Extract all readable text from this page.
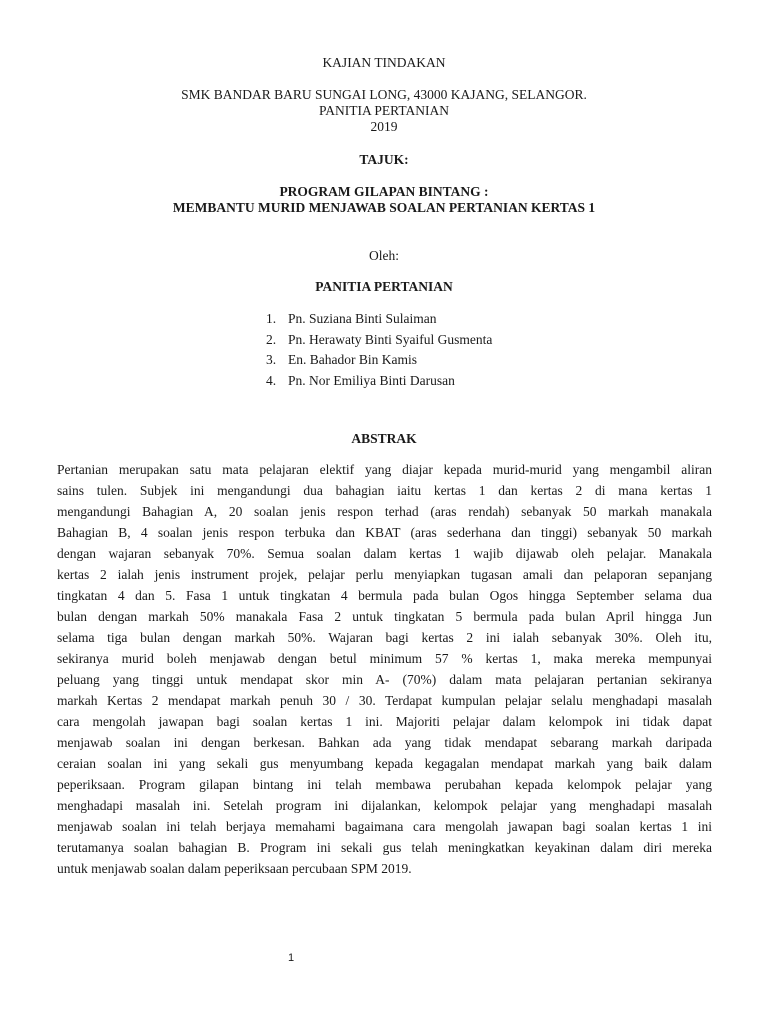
KAJIAN TINDAKAN
SMK BANDAR BARU SUNGAI LONG, 43000 KAJANG, SELANGOR.
PANITIA PERTANIAN
2019
TAJUK:
PROGRAM GILAPAN BINTANG :
MEMBANTU MURID MENJAWAB SOALAN PERTANIAN KERTAS 1
Oleh:
PANITIA PERTANIAN
1. Pn. Suziana Binti Sulaiman
2. Pn. Herawaty Binti Syaiful Gusmenta
3. En. Bahador Bin Kamis
4. Pn. Nor Emiliya Binti Darusan
ABSTRAK
Pertanian merupakan satu mata pelajaran elektif yang diajar kepada murid-murid yang mengambil aliran
sains tulen. Subjek ini mengandungi dua bahagian iaitu kertas 1 dan kertas 2 di mana kertas 1
mengandungi Bahagian A, 20 soalan jenis respon terhad (aras rendah) sebanyak 50 markah manakala
Bahagian B, 4 soalan jenis respon terbuka dan KBAT (aras sederhana dan tinggi) sebanyak 50 markah
dengan wajaran sebanyak 70%. Semua soalan dalam kertas 1 wajib dijawab oleh pelajar. Manakala
kertas 2 ialah jenis instrument projek, pelajar perlu menyiapkan tugasan amali dan pelaporan sepanjang
tingkatan 4 dan 5. Fasa 1 untuk tingkatan 4 bermula pada bulan Ogos hingga September selama dua
bulan dengan markah 50% manakala Fasa 2 untuk tingkatan 5 bermula pada bulan April hingga Jun
selama tiga bulan dengan markah 50%. Wajaran bagi kertas 2 ini ialah sebanyak 30%. Oleh itu,
sekiranya murid boleh menjawab dengan betul minimum 57 % kertas 1, maka mereka mempunyai
peluang yang tinggi untuk mendapat skor min A- (70%) dalam mata pelajaran pertanian sekiranya
markah Kertas 2 mendapat markah penuh 30 / 30. Terdapat kumpulan pelajar selalu menghadapi masalah
cara mengolah jawapan bagi soalan kertas 1 ini. Majoriti pelajar dalam kelompok ini tidak dapat
menjawab soalan ini dengan berkesan. Bahkan ada yang tidak mendapat sebarang markah daripada
ceraian soalan ini yang sekali gus menyumbang kepada kegagalan mendapat markah yang baik dalam
peperiksaan. Program gilapan bintang ini telah membawa perubahan kepada kelompok pelajar yang
menghadapi masalah ini. Setelah program ini dijalankan, kelompok pelajar yang menghadapi masalah
menjawab soalan ini telah berjaya memahami bagaimana cara mengolah jawapan bagi soalan kertas 1 ini
terutamanya soalan bahagian B. Program ini sekali gus telah meningkatkan keyakinan dalam diri mereka
untuk menjawab soalan dalam peperiksaan percubaan SPM 2019.
1
